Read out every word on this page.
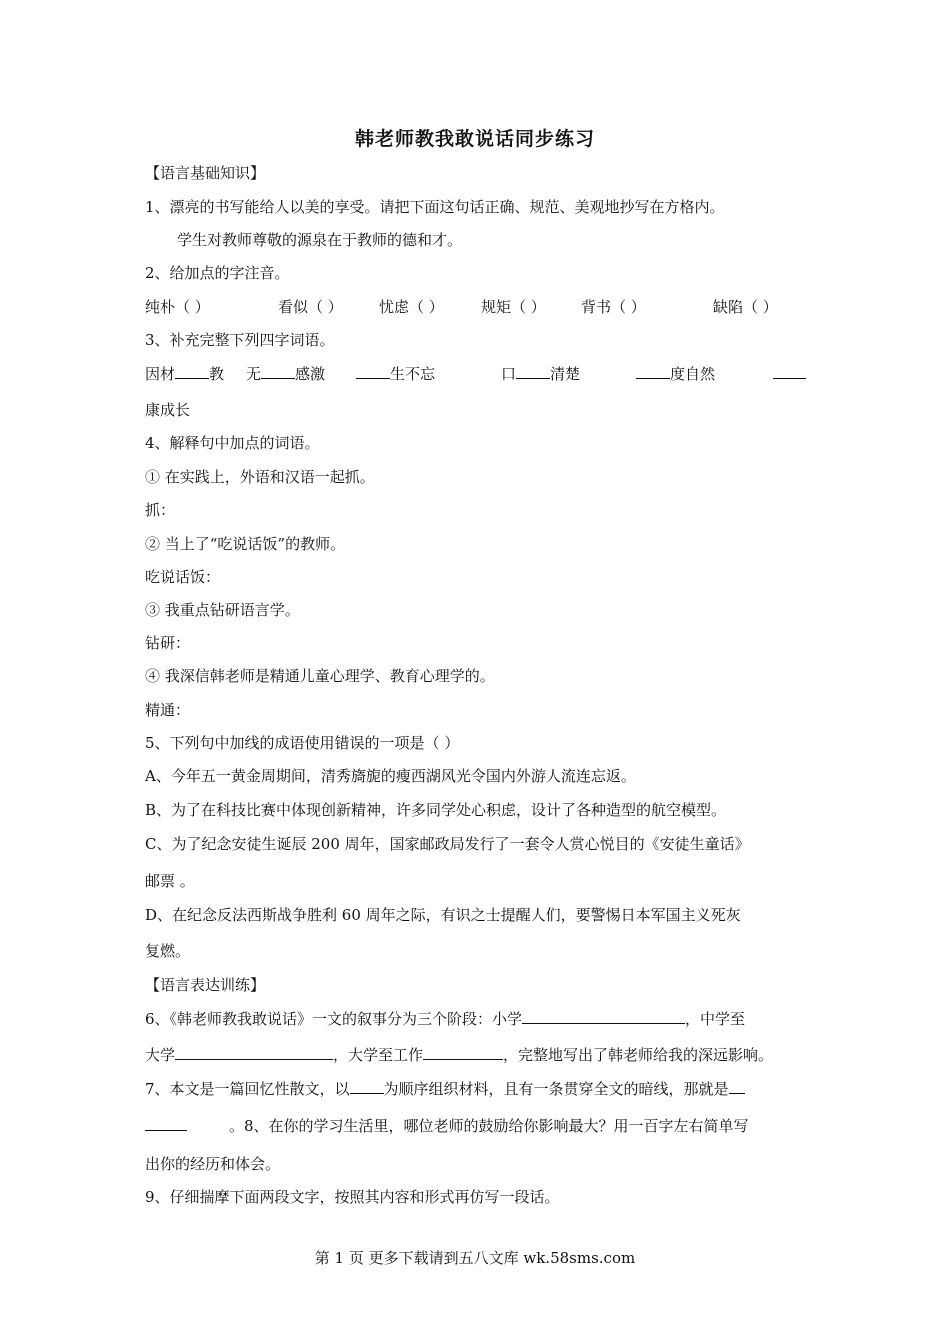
韩老师教我敢说话同步练习
【语言基础知识】
1、漂亮的书写能给人以美的享受。请把下面这句话正确、规范、美观地抄写在方格内。
学生对教师尊敬的源泉在于教师的德和才。
2、给加点的字注音。
纯朴（ ）	看似（ ） 忧虑（ ） 规矩（ ） 背书（ ）	缺陷（ ）
3、补充完整下列四字词语。
因材 教 无 感激	生不忘	口 清楚	度自然
康成长
4、解释句中加点的词语。
① 在实践上，外语和汉语一起抓。
抓：
② 当上了“吃说话饭”的教师。
吃说话饭：
③ 我重点钻研语言学。
钻研：
④ 我深信韩老师是精通儿童心理学、教育心理学的。
精通：
5、下列句中加线的成语使用错误的一项是（ ）
A、今年五一黄金周期间，清秀旖旎的瘦西湖风光令国内外游人流连忘返。
B、为了在科技比赛中体现创新精神，许多同学处心积虑，设计了各种造型的航空模型。
C、为了纪念安徒生诞辰 200 周年，国家邮政局发行了一套令人赏心悦目的《安徒生童话》
邮票 。
D、在纪念反法西斯战争胜利 60 周年之际，有识之士提醒人们，要警惕日本军国主义死灰
复燃。
【语言表达训练】
6、《韩老师教我敢说话》一文的叙事分为三个阶段：小学	，中学至
大学	，大学至工作	，完整地写出了韩老师给我的深远影响。
7、本文是一篇回忆性散文，以 为顺序组织材料，且有一条贯穿全文的暗线，那就是
。8、在你的学习生活里，哪位老师的鼓励给你影响最大？用一百字左右简单写
出你的经历和体会。
9、仔细揣摩下面两段文字，按照其内容和形式再仿写一段话。
第 1 页 更多下载请到五八文库 wk.58sms.com
